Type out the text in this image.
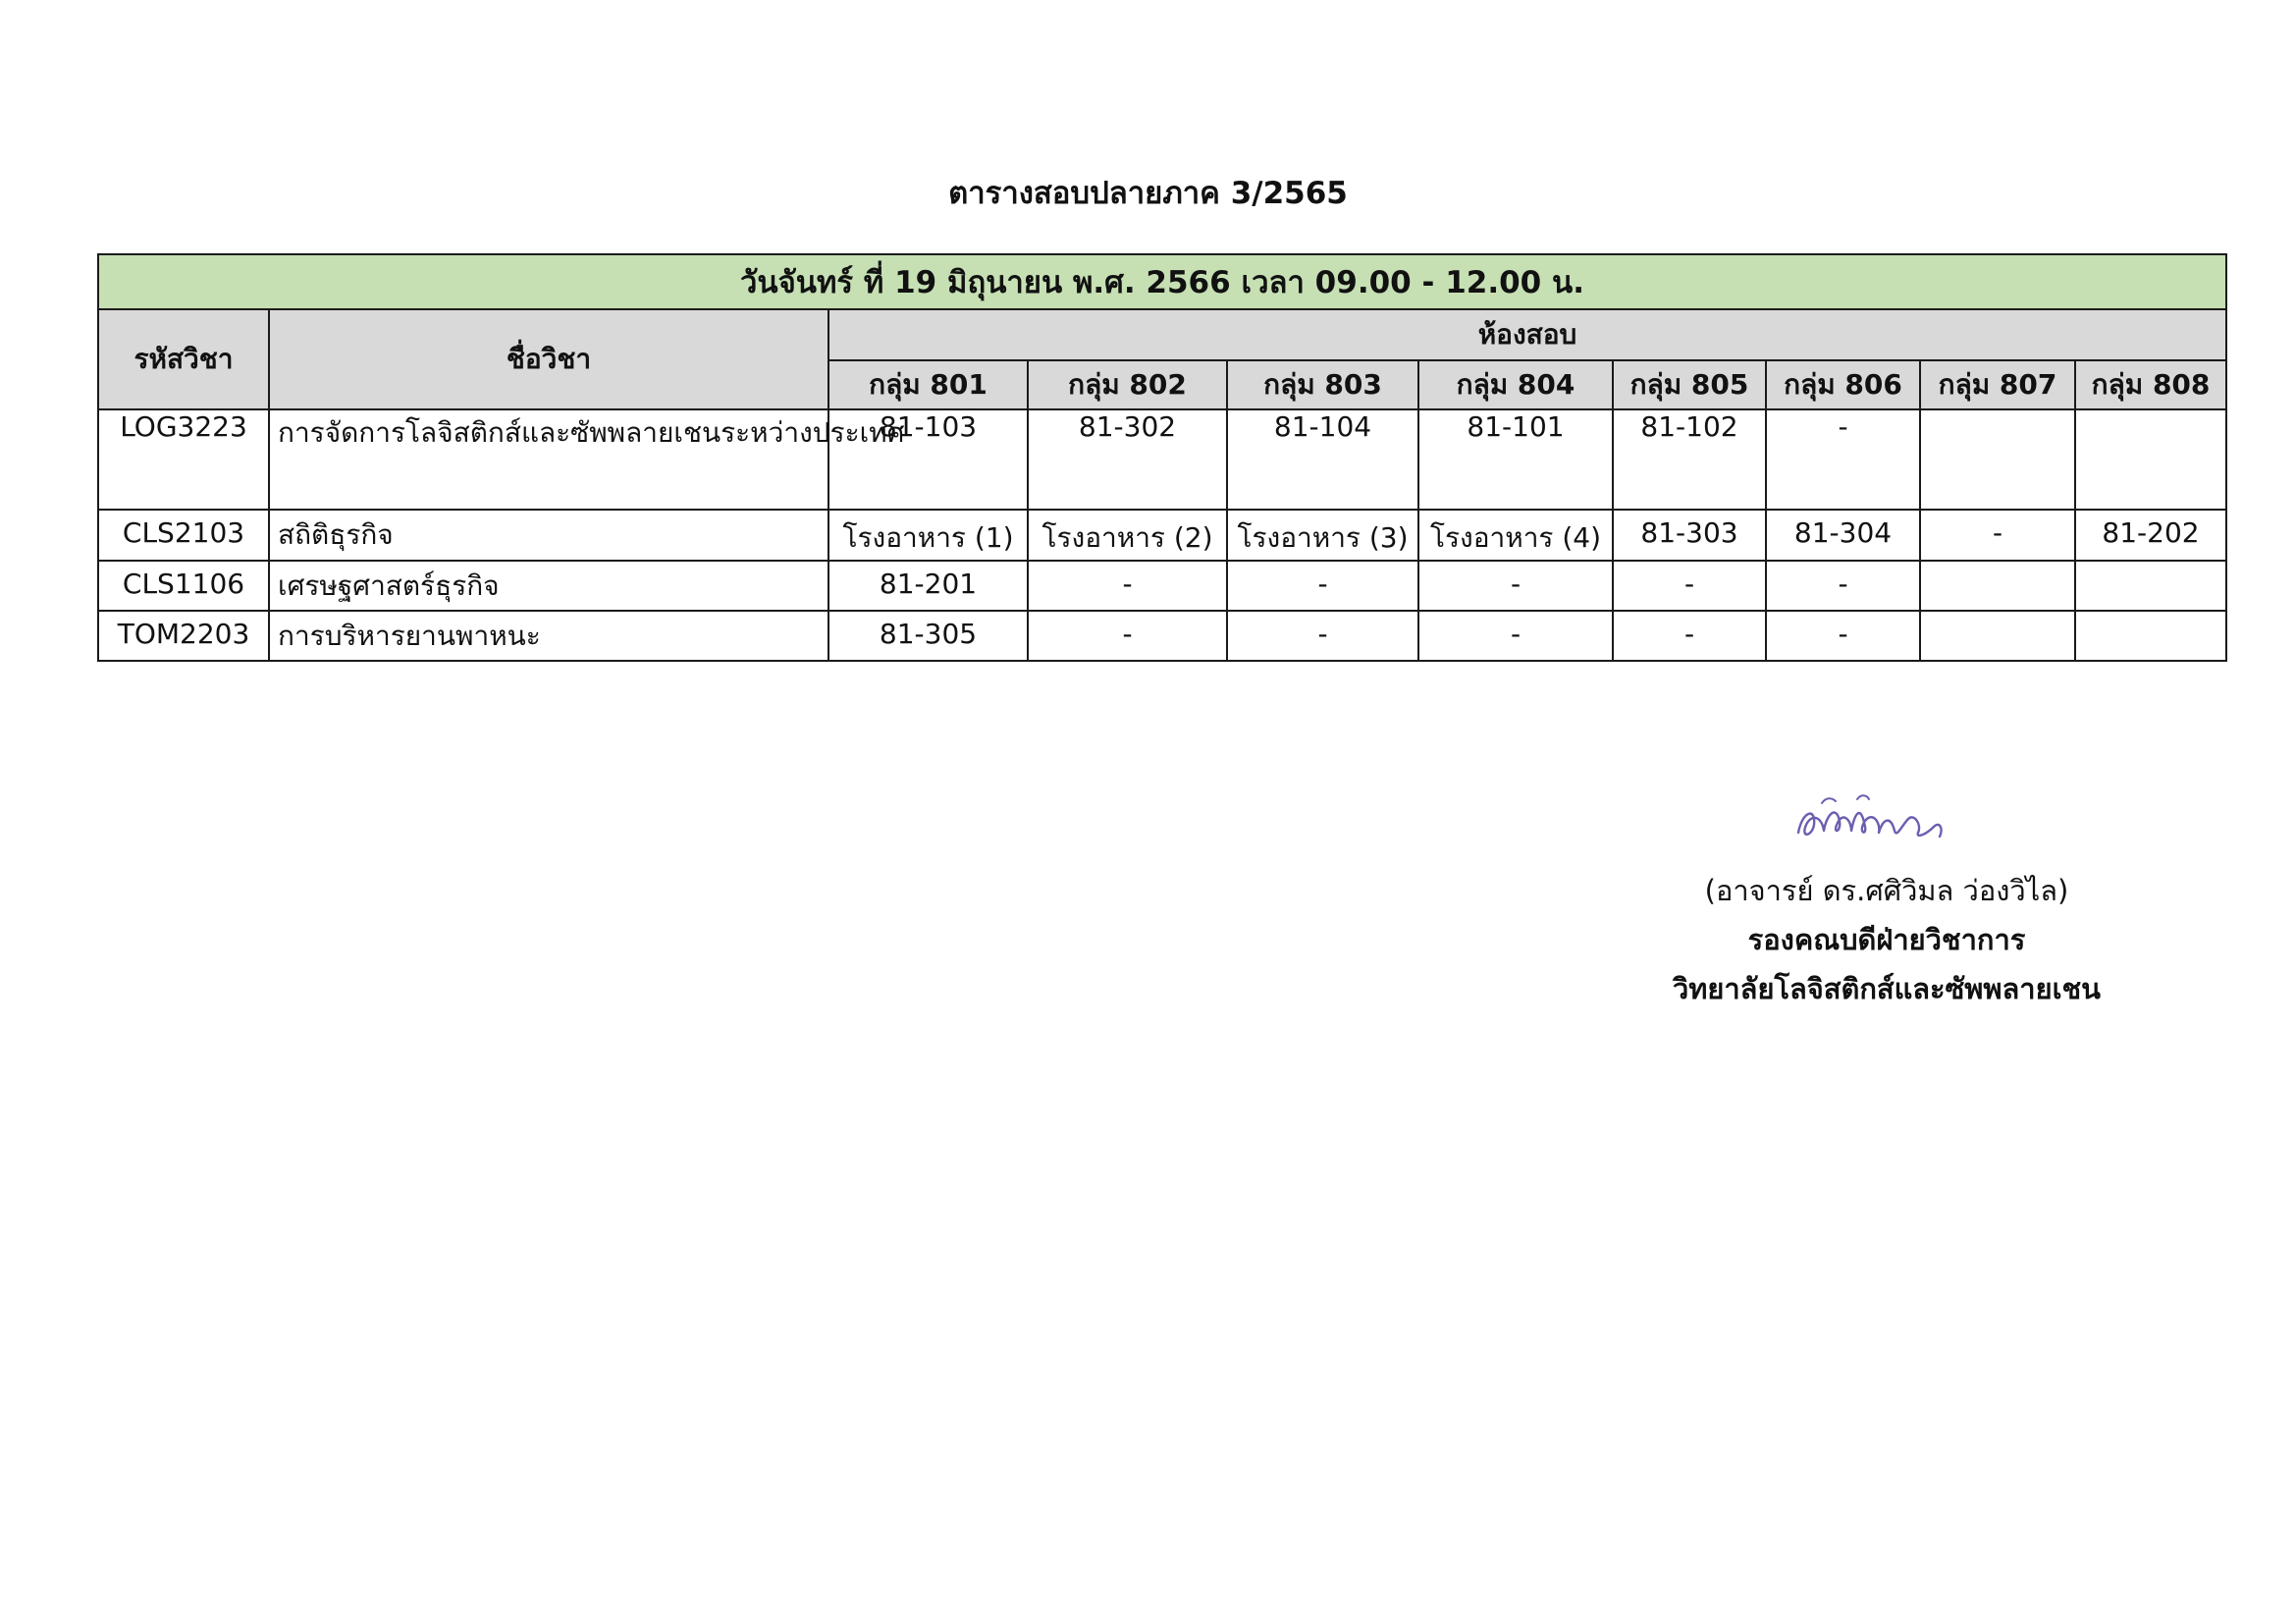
ตารางสอบปลายภาค 3/2565
วันจันทร์ ที่ 19 มิถุนายน พ.ศ. 2566 เวลา 09.00 - 12.00 น.									
รหัสวิชา	ชื่อวิชา	ห้องสอบ							
		กลุ่ม 801	กลุ่ม 802	กลุ่ม 803	กลุ่ม 804	กลุ่ม 805	กลุ่ม 806	กลุ่ม 807	กลุ่ม 808
LOG3223	การจัดการโลจิสติกส์และซัพพลายเชนระหว่างประเทศ	81-103	81-302	81-104	81-101	81-102	-		
CLS2103	สถิติธุรกิจ	โรงอาหาร (1)	โรงอาหาร (2)	โรงอาหาร (3)	โรงอาหาร (4)	81-303	81-304	-	81-202
CLS1106	เศรษฐศาสตร์ธุรกิจ	81-201	-	-	-	-	-		
TOM2203	การบริหารยานพาหนะ	81-305	-	-	-	-	-		
(อาจารย์ ดร.ศศิวิมล ว่องวิไล)
รองคณบดีฝ่ายวิชาการ
วิทยาลัยโลจิสติกส์และซัพพลายเชน
